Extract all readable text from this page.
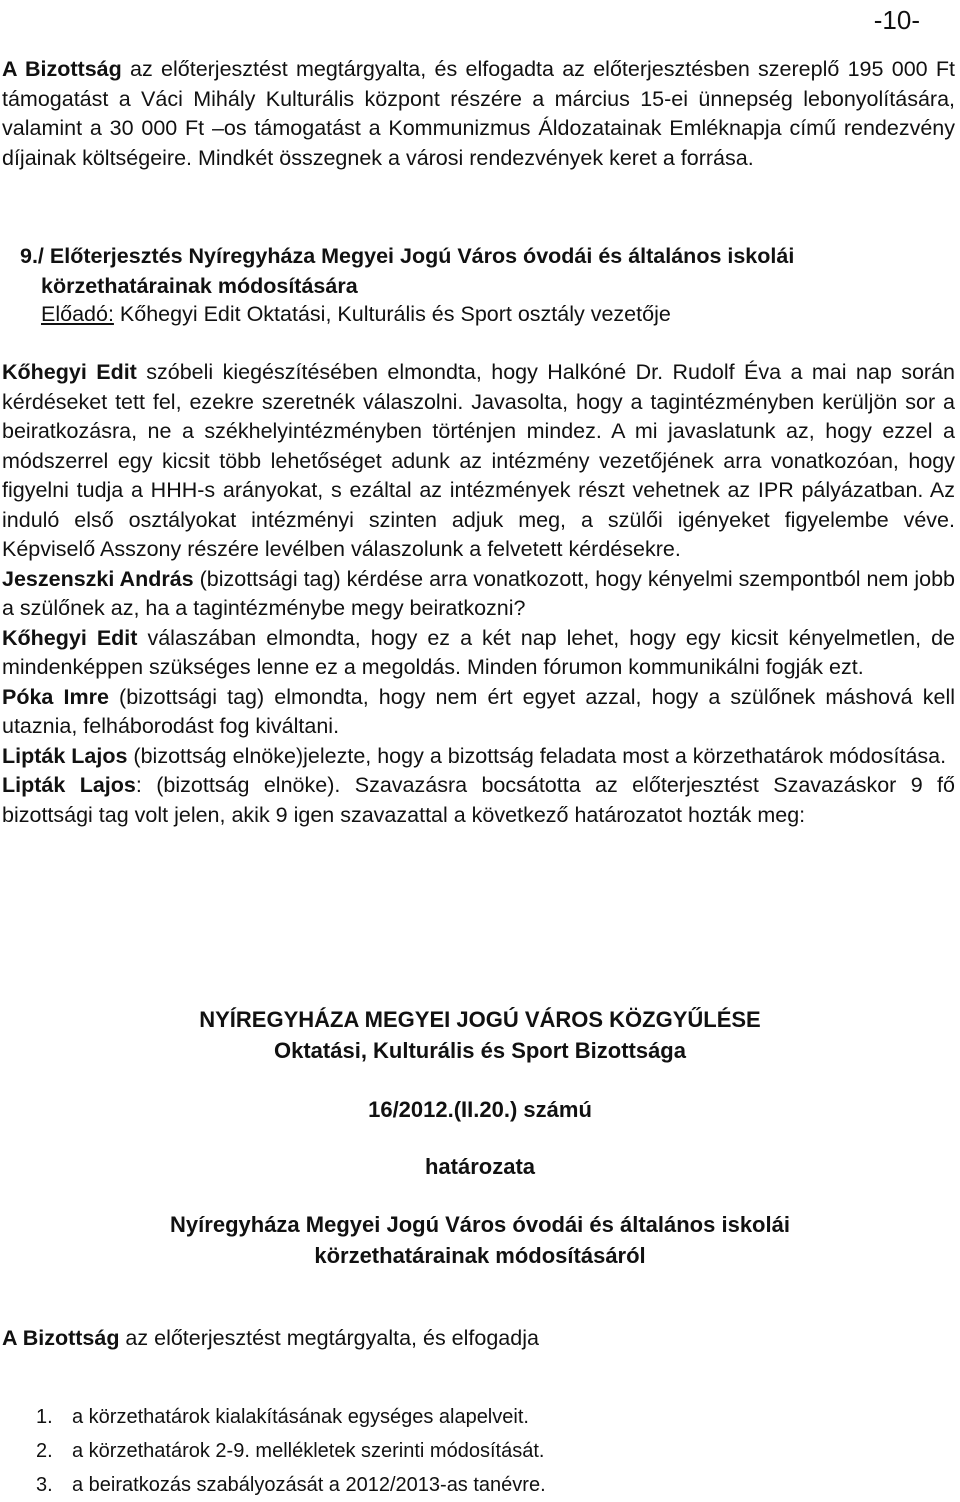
-10-

A Bizottság az előterjesztést megtárgyalta, és elfogadta az előterjesztésben szereplő 195 000 Ft támogatást a Váci Mihály Kulturális központ részére a március 15-ei ünnepség lebonyolítására, valamint a 30 000 Ft –os támogatást a Kommunizmus Áldozatainak Emléknapja című rendezvény díjainak költségeire. Mindkét összegnek a városi rendezvények keret a forrása.

9./ Előterjesztés Nyíregyháza Megyei Jogú Város óvodái és általános iskolái
körzethatárainak módosítására
Előadó: Kőhegyi Edit Oktatási, Kulturális és Sport osztály vezetője

Kőhegyi Edit szóbeli kiegészítésében elmondta, hogy Halkóné Dr. Rudolf Éva a mai nap során kérdéseket tett fel, ezekre szeretnék válaszolni. Javasolta, hogy a tagintézményben kerüljön sor a beiratkozásra, ne a székhelyintézményben történjen mindez. A mi javaslatunk az, hogy ezzel a módszerrel egy kicsit több lehetőséget adunk az intézmény vezetőjének arra vonatkozóan, hogy figyelni tudja a HHH-s arányokat, s ezáltal az intézmények részt vehetnek az IPR pályázatban. Az induló első osztályokat intézményi szinten adjuk meg, a szülői igényeket figyelembe véve. Képviselő Asszony részére levélben válaszolunk a felvetett kérdésekre.

Jeszenszki András (bizottsági tag) kérdése arra vonatkozott, hogy kényelmi szempontból nem jobb a szülőnek az, ha a tagintézménybe megy beiratkozni?

Kőhegyi Edit válaszában elmondta, hogy ez a két nap lehet, hogy egy kicsit kényelmetlen, de mindenképpen szükséges lenne ez a megoldás. Minden fórumon kommunikálni fogják ezt.

Póka Imre (bizottsági tag) elmondta, hogy nem ért egyet azzal, hogy a szülőnek máshová kell utaznia, felháborodást fog kiváltani.

Lipták Lajos (bizottság elnöke)jelezte, hogy a bizottság feladata most a körzethatárok módosítása.

Lipták Lajos: (bizottság elnöke). Szavazásra bocsátotta az előterjesztést Szavazáskor 9 fő bizottsági tag volt jelen, akik 9 igen szavazattal a következő határozatot hozták meg:

NYÍREGYHÁZA MEGYEI JOGÚ VÁROS KÖZGYŰLÉSE
Oktatási, Kulturális és Sport Bizottsága
16/2012.(II.20.) számú
határozata
Nyíregyháza Megyei Jogú Város óvodái és általános iskolái
körzethatárainak módosításáról

A Bizottság az előterjesztést megtárgyalta, és elfogadja

1. a körzethatárok kialakításának egységes alapelveit.
2. a körzethatárok 2-9. mellékletek szerinti módosítását.
3. a beiratkozás szabályozását a 2012/2013-as tanévre.
